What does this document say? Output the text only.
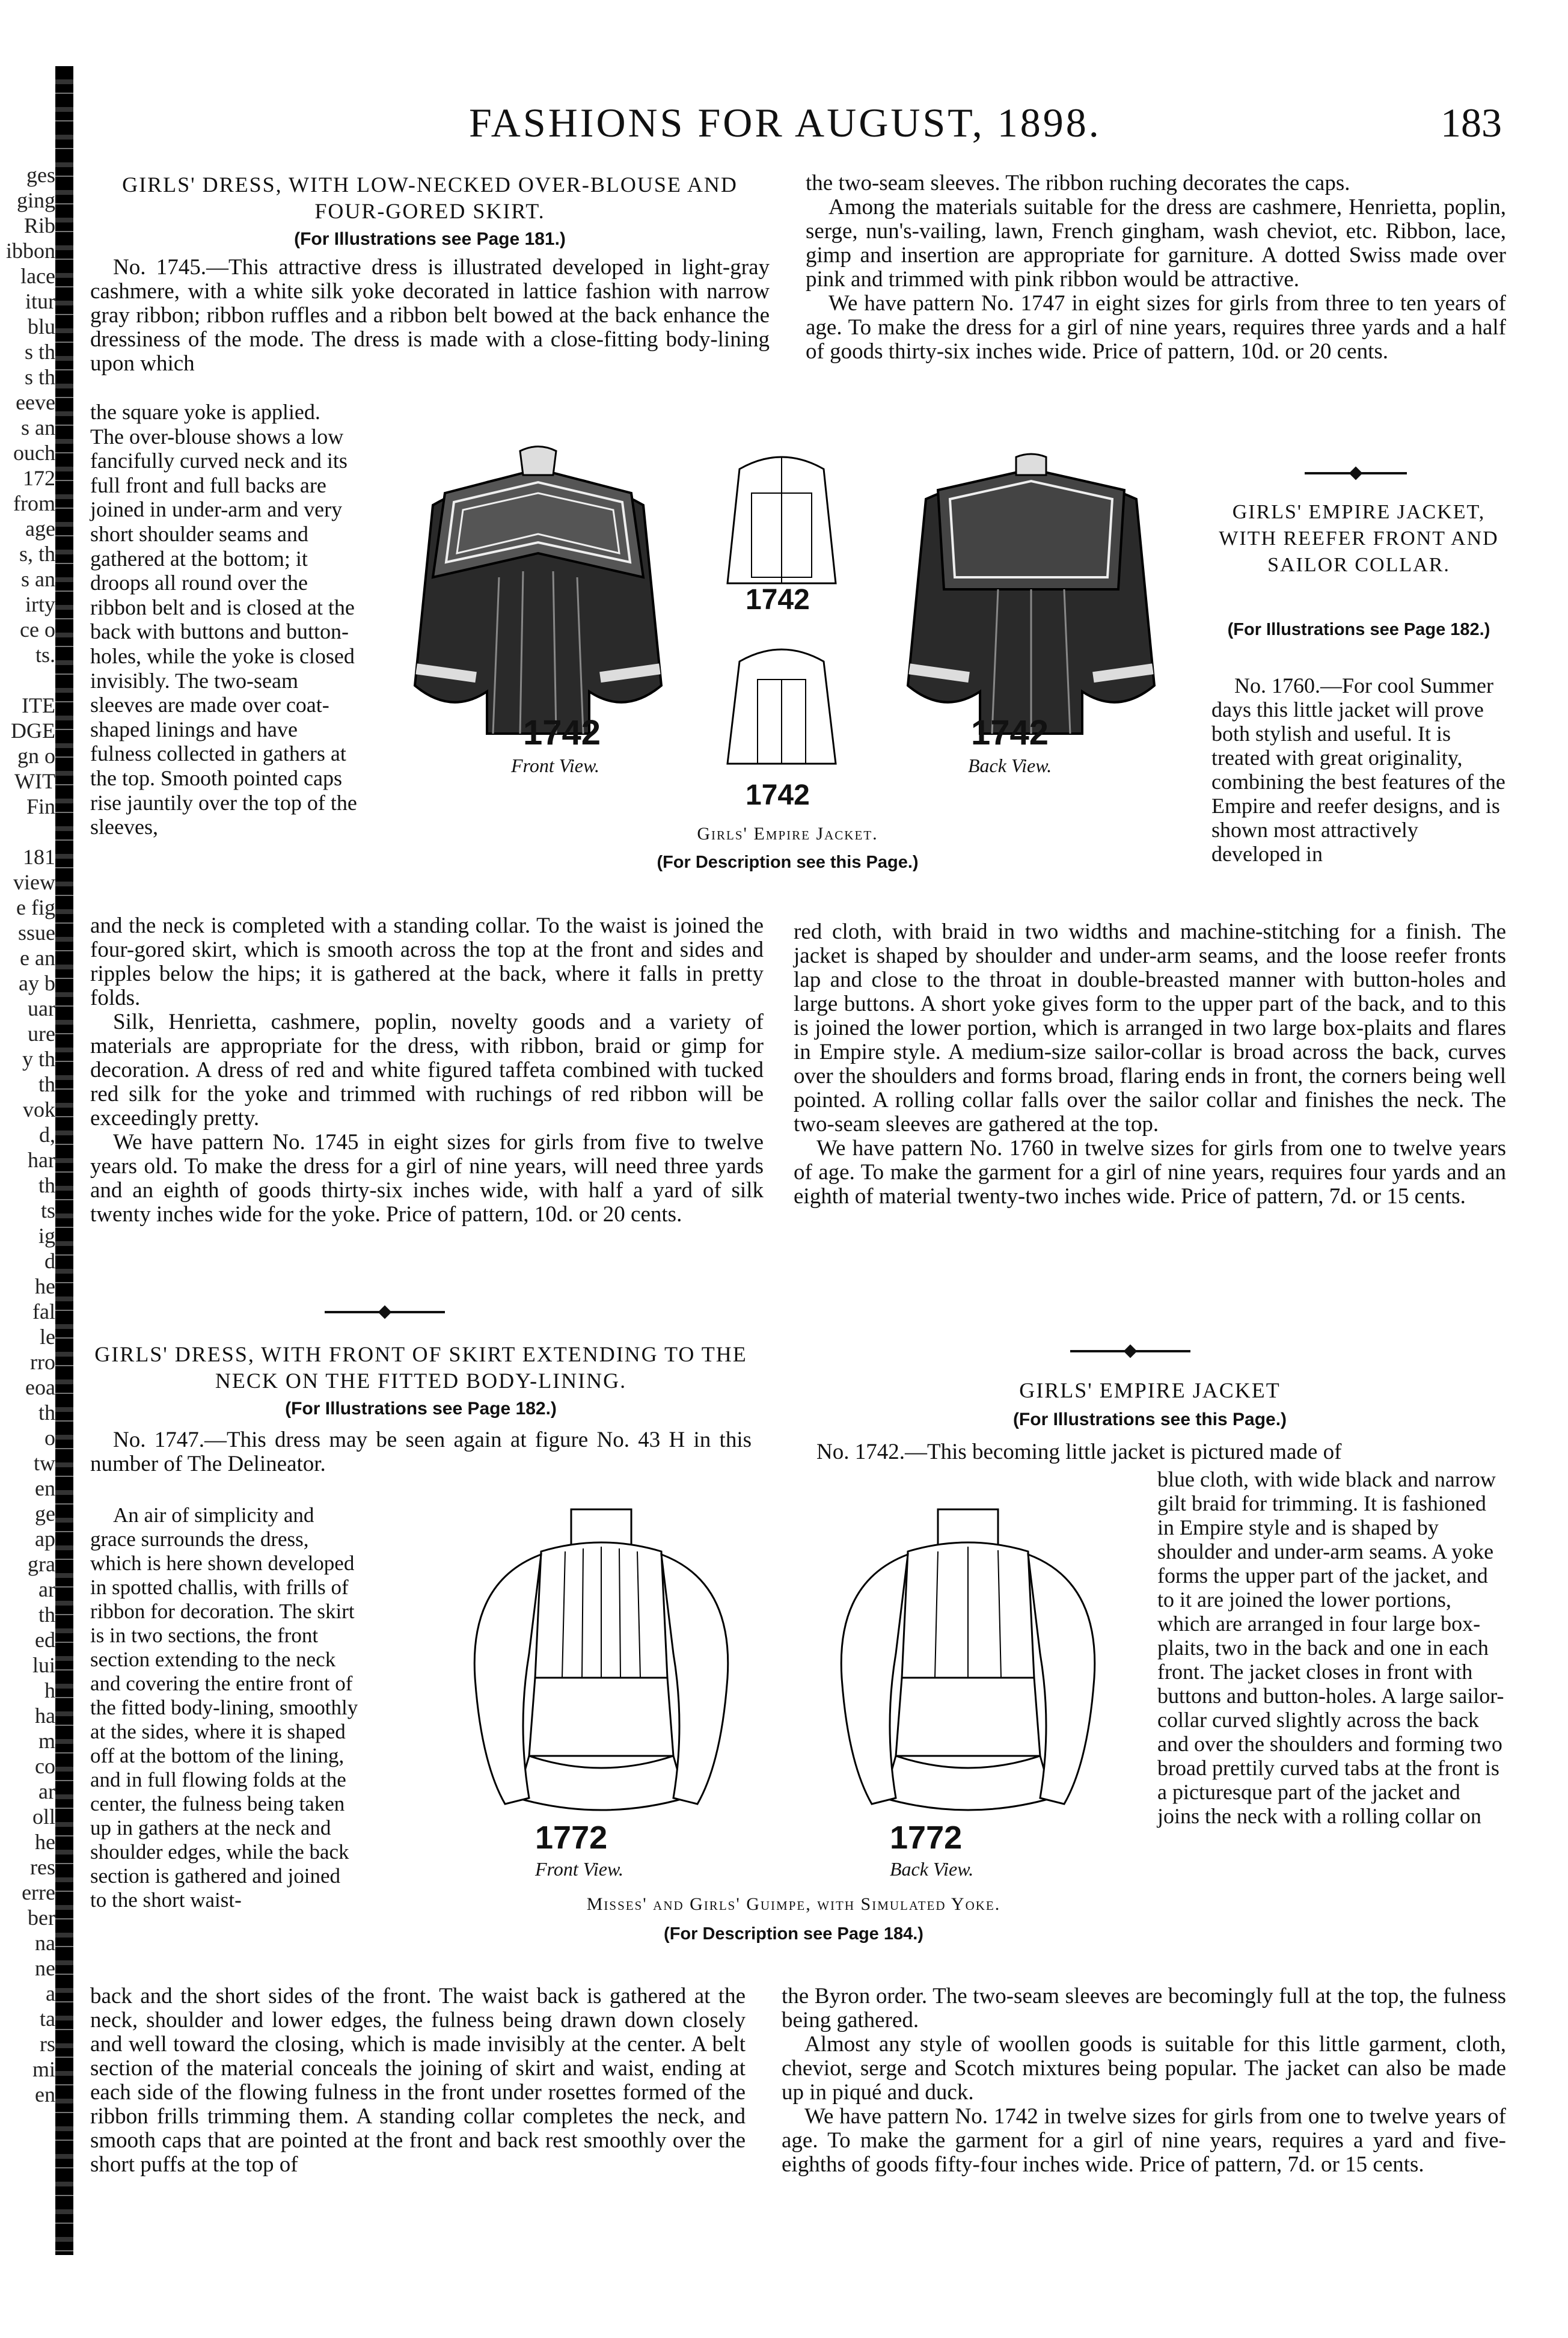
FASHIONS FOR AUGUST, 1898.	183
ges
ging
Rib
ibbon
lace
itur
blu
s th
s th
eeve
s an
ouch
172
from
age
s, th
s an
irty
ce o
ts.

ITE
DGE
gn o
WIT
Fin

181
view
e fig
ssue
e an
ay b
uar
ure
y th
th
vok
d,
har
th
ts
ig
d
he
fal
le
rro
eoa
th
o
tw
en
ge
ap
gra
ar
th
ed
lui
h
ha
m
co
ar
oll
he
res
erre
ber
na
ne
a
ta
rs
mi
en
GIRLS' DRESS, WITH LOW-NECKED OVER-BLOUSE AND FOUR-GORED SKIRT.
(For Illustrations see Page 181.)

No. 1745.—This attractive dress is illustrated developed in light-gray cashmere, with a white silk yoke decorated in lattice fashion with narrow gray ribbon; ribbon ruffles and a ribbon belt bowed at the back enhance the dressiness of the mode. The dress is made with a close-fitting body-lining upon which

the square yoke is applied. The over-blouse shows a low fancifully curved neck and its full front and full backs are joined in under-arm and very short shoulder seams and gathered at the bottom; it droops all round over the ribbon belt and is closed at the back with buttons and button-holes, while the yoke is closed invisibly. The two-seam sleeves are made over coat-shaped linings and have fulness collected in gathers at the top. Smooth pointed caps rise jauntily over the top of the sleeves,

and the neck is completed with a standing collar. To the waist is joined the four-gored skirt, which is smooth across the top at the front and sides and ripples below the hips; it is gathered at the back, where it falls in pretty folds.

Silk, Henrietta, cashmere, poplin, novelty goods and a variety of materials are appropriate for the dress, with ribbon, braid or gimp for decoration. A dress of red and white figured taffeta combined with tucked red silk for the yoke and trimmed with ruchings of red ribbon will be exceedingly pretty.

We have pattern No. 1745 in eight sizes for girls from five to twelve years old. To make the dress for a girl of nine years, will need three yards and an eighth of goods thirty-six inches wide, with half a yard of silk twenty inches wide for the yoke. Price of pattern, 10d. or 20 cents.

GIRLS' DRESS, WITH FRONT OF SKIRT EXTENDING TO THE NECK ON THE FITTED BODY-LINING.
(For Illustrations see Page 182.)

No. 1747.—This dress may be seen again at figure No. 43 H in this number of The Delineator.

An air of simplicity and grace surrounds the dress, which is here shown developed in spotted challis, with frills of ribbon for decoration. The skirt is in two sections, the front section extending to the neck and covering the entire front of the fitted body-lining, smoothly at the sides, where it is shaped off at the bottom of the lining, and in full flowing folds at the center, the fulness being taken up in gathers at the neck and shoulder edges, while the back section is gathered and joined to the short waist-

back and the short sides of the front. The waist back is gathered at the neck, shoulder and lower edges, the fulness being drawn down closely and well toward the closing, which is made invisibly at the center. A belt section of the material conceals the joining of skirt and waist, ending at each side of the flowing fulness in the front under rosettes formed of the ribbon frills trimming them. A standing collar completes the neck, and smooth caps that are pointed at the front and back rest smoothly over the short puffs at the top of

the two-seam sleeves. The ribbon ruching decorates the caps.

Among the materials suitable for the dress are cashmere, Henrietta, poplin, serge, nun's-vailing, lawn, French gingham, wash cheviot, etc. Ribbon, lace, gimp and insertion are appropriate for garniture. A dotted Swiss made over pink and trimmed with pink ribbon would be attractive.

We have pattern No. 1747 in eight sizes for girls from three to ten years of age. To make the dress for a girl of nine years, requires three yards and a half of goods thirty-six inches wide. Price of pattern, 10d. or 20 cents.

GIRLS' EMPIRE JACKET, WITH REEFER FRONT AND SAILOR COLLAR.
(For Illustrations see Page 182.)

No. 1760.—For cool Summer days this little jacket will prove both stylish and useful. It is treated with great originality, combining the best features of the Empire and reefer designs, and is shown most attractively developed in

red cloth, with braid in two widths and machine-stitching for a finish. The jacket is shaped by shoulder and under-arm seams, and the loose reefer fronts lap and close to the throat in double-breasted manner with button-holes and large buttons. A short yoke gives form to the upper part of the back, and to this is joined the lower portion, which is arranged in two large box-plaits and flares in Empire style. A medium-size sailor-collar is broad across the back, curves over the shoulders and forms broad, flaring ends in front, the corners being well pointed. A rolling collar falls over the sailor collar and finishes the neck. The two-seam sleeves are gathered at the top.

We have pattern No. 1760 in twelve sizes for girls from one to twelve years of age. To make the garment for a girl of nine years, requires four yards and an eighth of material twenty-two inches wide. Price of pattern, 7d. or 15 cents.

GIRLS' EMPIRE JACKET
(For Illustrations see this Page.)

No. 1742.—This becoming little jacket is pictured made of

blue cloth, with wide black and narrow gilt braid for trimming. It is fashioned in Empire style and is shaped by shoulder and under-arm seams. A yoke forms the upper part of the jacket, and to it are joined the lower portions, which are arranged in four large box-plaits, two in the back and one in each front. The jacket closes in front with buttons and button-holes. A large sailor-collar curved slightly across the back and over the shoulders and forming two broad prettily curved tabs at the front is a picturesque part of the jacket and joins the neck with a rolling collar on

the Byron order. The two-seam sleeves are becomingly full at the top, the fulness being gathered.

Almost any style of woollen goods is suitable for this little garment, cloth, cheviot, serge and Scotch mixtures being popular. The jacket can also be made up in piqué and duck.

We have pattern No. 1742 in twelve sizes for girls from one to twelve years of age. To make the garment for a girl of nine years, requires a yard and five-eighths of goods fifty-four inches wide. Price of pattern, 7d. or 15 cents.

1742
Front View.
1742
1742
1742
Back View.
Girls' Empire Jacket.
(For Description see this Page.)
1772
Front View.
1772
Back View.
Misses' and Girls' Guimpe, with Simulated Yoke.
(For Description see Page 184.)
